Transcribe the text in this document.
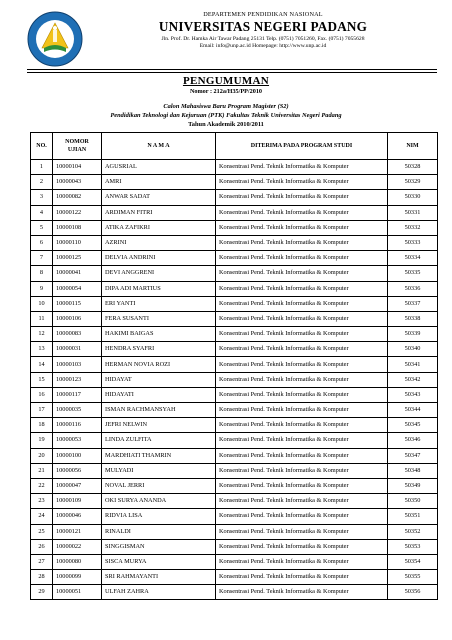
DEPARTEMEN PENDIDIKAN NASIONAL
UNIVERSITAS NEGERI PADANG
Jln. Prof. Dr. Hamka Air Tawar Padang 25131 Telp. (0751) 7051260, Fax. (0751) 7055628
Email: info@unp.ac.id Homepage: http://www.unp.ac.id
PENGUMUMAN
Nomor : 212a/H35/PP/2010
Calon Mahasiswa Baru Program Magister (S2)
Pendidikan Teknologi dan Kejuruan (PTK) Fakultas Teknik Universitas Negeri Padang
Tahun Akademik 2010/2011
NO.	NOMOR UJIAN	N A M A	DITERIMA PADA PROGRAM STUDI	NIM
1	10000104	AGUSRIAL	Konsentrasi Pend. Teknik Informatika & Komputer	50328
2	10000043	AMRI	Konsentrasi Pend. Teknik Informatika & Komputer	50329
3	10000082	ANWAR SADAT	Konsentrasi Pend. Teknik Informatika & Komputer	50330
4	10000122	ARDIMAN FITRI	Konsentrasi Pend. Teknik Informatika & Komputer	50331
5	10000108	ATIKA ZAFIKRI	Konsentrasi Pend. Teknik Informatika & Komputer	50332
6	10000110	AZRINI	Konsentrasi Pend. Teknik Informatika & Komputer	50333
7	10000125	DELVIA ANDRINI	Konsentrasi Pend. Teknik Informatika & Komputer	50334
8	10000041	DEVI ANGGRENI	Konsentrasi Pend. Teknik Informatika & Komputer	50335
9	10000054	DIPA ADI MARTIUS	Konsentrasi Pend. Teknik Informatika & Komputer	50336
10	10000115	ERI YANTI	Konsentrasi Pend. Teknik Informatika & Komputer	50337
11	10000106	FERA SUSANTI	Konsentrasi Pend. Teknik Informatika & Komputer	50338
12	10000083	HAKIMI BAIGAS	Konsentrasi Pend. Teknik Informatika & Komputer	50339
13	10000031	HENDRA SYAFRI	Konsentrasi Pend. Teknik Informatika & Komputer	50340
14	10000103	HERMAN NOVIA ROZI	Konsentrasi Pend. Teknik Informatika & Komputer	50341
15	10000123	HIDAYAT	Konsentrasi Pend. Teknik Informatika & Komputer	50342
16	10000117	HIDAYATI	Konsentrasi Pend. Teknik Informatika & Komputer	50343
17	10000035	ISMAN RACHMANSYAH	Konsentrasi Pend. Teknik Informatika & Komputer	50344
18	10000116	JEFRI NELWIN	Konsentrasi Pend. Teknik Informatika & Komputer	50345
19	10000053	LINDA ZULFITA	Konsentrasi Pend. Teknik Informatika & Komputer	50346
20	10000100	MARDHIATI THAMRIN	Konsentrasi Pend. Teknik Informatika & Komputer	50347
21	10000056	MULYADI	Konsentrasi Pend. Teknik Informatika & Komputer	50348
22	10000047	NOVAL JERRI	Konsentrasi Pend. Teknik Informatika & Komputer	50349
23	10000109	OKI SURYA ANANDA	Konsentrasi Pend. Teknik Informatika & Komputer	50350
24	10000046	RIDVIA LISA	Konsentrasi Pend. Teknik Informatika & Komputer	50351
25	10000121	RINALDI	Konsentrasi Pend. Teknik Informatika & Komputer	50352
26	10000022	SINGGISMAN	Konsentrasi Pend. Teknik Informatika & Komputer	50353
27	10000080	SISCA MURYA	Konsentrasi Pend. Teknik Informatika & Komputer	50354
28	10000099	SRI RAHMAYANTI	Konsentrasi Pend. Teknik Informatika & Komputer	50355
29	10000051	ULFAH ZAHRA	Konsentrasi Pend. Teknik Informatika & Komputer	50356
